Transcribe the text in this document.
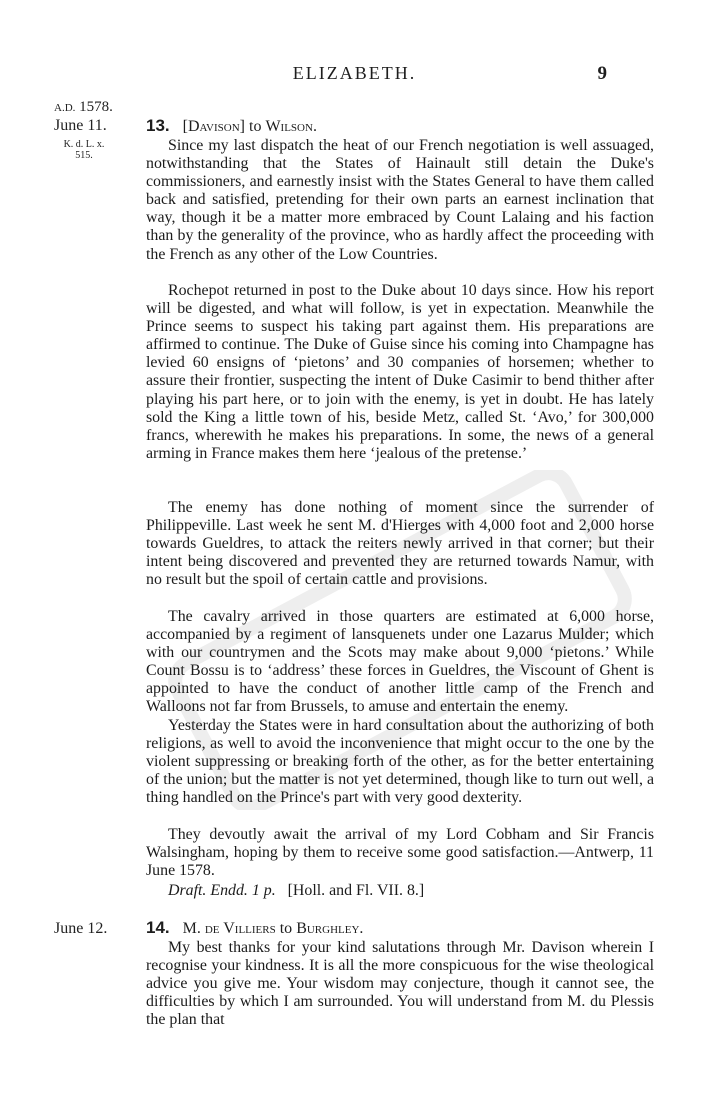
ELIZABETH.	9
A.D. 1578.
June 11.
K. d. L. x.
515.
13. [Davison] to Wilson.

Since my last dispatch the heat of our French negotiation is well assuaged, notwithstanding that the States of Hainault still detain the Duke's commissioners, and earnestly insist with the States General to have them called back and satisfied, pretending for their own parts an earnest inclination that way, though it be a matter more embraced by Count Lalaing and his faction than by the generality of the province, who as hardly affect the proceeding with the French as any other of the Low Countries.

Rochepot returned in post to the Duke about 10 days since. How his report will be digested, and what will follow, is yet in expectation. Meanwhile the Prince seems to suspect his taking part against them. His preparations are affirmed to continue. The Duke of Guise since his coming into Champagne has levied 60 ensigns of ‘pietons’ and 30 companies of horsemen; whether to assure their frontier, suspecting the intent of Duke Casimir to bend thither after playing his part here, or to join with the enemy, is yet in doubt. He has lately sold the King a little town of his, beside Metz, called St. ‘Avo,’ for 300,000 francs, wherewith he makes his preparations. In some, the news of a general arming in France makes them here ‘jealous of the pretense.’

The enemy has done nothing of moment since the surrender of Philippeville. Last week he sent M. d'Hierges with 4,000 foot and 2,000 horse towards Gueldres, to attack the reiters newly arrived in that corner; but their intent being discovered and prevented they are returned towards Namur, with no result but the spoil of certain cattle and provisions.

The cavalry arrived in those quarters are estimated at 6,000 horse, accompanied by a regiment of lansquenets under one Lazarus Mulder; which with our countrymen and the Scots may make about 9,000 ‘pietons.’ While Count Bossu is to ‘address’ these forces in Gueldres, the Viscount of Ghent is appointed to have the conduct of another little camp of the French and Walloons not far from Brussels, to amuse and entertain the enemy.

Yesterday the States were in hard consultation about the authorizing of both religions, as well to avoid the inconvenience that might occur to the one by the violent suppressing or breaking forth of the other, as for the better entertaining of the union; but the matter is not yet determined, though like to turn out well, a thing handled on the Prince's part with very good dexterity.

They devoutly await the arrival of my Lord Cobham and Sir Francis Walsingham, hoping by them to receive some good satisfaction.—Antwerp, 11 June 1578.

Draft. Endd. 1 p. [Holl. and Fl. VII. 8.]
June 12. 14. M. de Villiers to Burghley.

My best thanks for your kind salutations through Mr. Davison wherein I recognise your kindness. It is all the more conspicuous for the wise theological advice you give me. Your wisdom may conjecture, though it cannot see, the difficulties by which I am surrounded. You will understand from M. du Plessis the plan that
